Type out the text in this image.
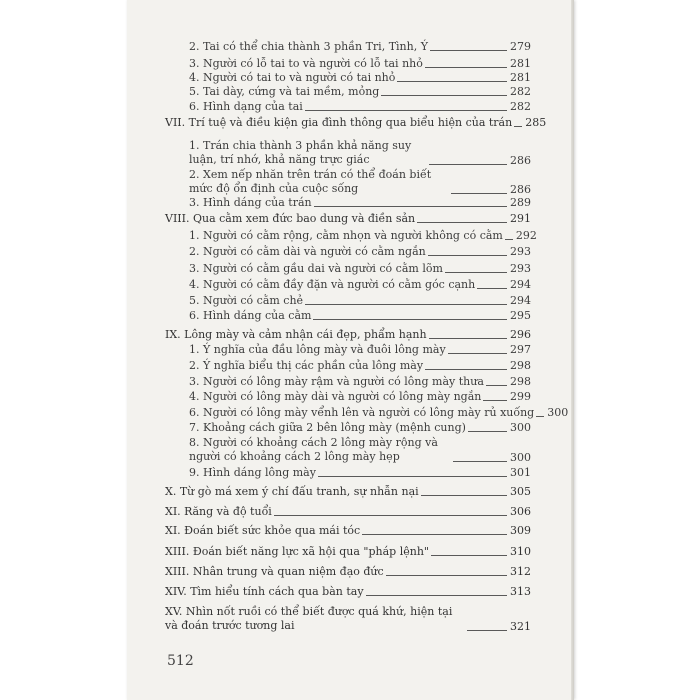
2. Tai có thể chia thành 3 phần Tri, Tình, Ý	279
3. Người có lỗ tai to và người có lỗ tai nhỏ	281
4. Người có tai to và người có tai nhỏ	281
5. Tai dày, cứng và tai mềm, mỏng	282
6. Hình dạng của tai	282
VII. Trí tuệ và điều kiện gia đình thông qua biểu hiện của trán 285
1. Trán chia thành 3 phần khả năng suy luận, trí nhớ, khả năng trực giác	286
2. Xem nếp nhăn trên trán có thể đoán biết mức độ ổn định của cuộc sống	286
3. Hình dáng của trán	289
VIII. Qua cằm xem đức bao dung và điền sản	291
1. Người có cằm rộng, cằm nhọn và người không có cằm 292
2. Người có cằm dài và người có cằm ngắn	293
3. Người có cằm gầu dai và người có cằm lõm	293
4. Người có cằm đầy đặn và người có cằm góc cạnh	294
5. Người có cằm chẻ	294
6. Hình dáng của cằm	295
IX. Lông mày và cảm nhận cái đẹp, phẩm hạnh	296
1. Ý nghĩa của đầu lông mày và đuôi lông mày	297
2. Ý nghĩa biểu thị các phần của lông mày	298
3. Người có lông mày rậm và người có lông mày thưa 298
4. Người có lông mày dài và người có lông mày ngắn	299
6. Người có lông mày vểnh lên và người có lông mày rủ xuống 300
7. Khoảng cách giữa 2 bên lông mày (mệnh cung)	300
8. Người có khoảng cách 2 lông mày rộng và người có khoảng cách 2 lông mày hẹp	300
9. Hình dáng lông mày	301
X. Từ gò má xem ý chí đấu tranh, sự nhẫn nại	305
XI. Răng và độ tuổi	306
XI. Đoán biết sức khỏe qua mái tóc	309
XIII. Đoán biết năng lực xã hội qua "pháp lệnh"	310
XIII. Nhân trung và quan niệm đạo đức	312
XIV. Tìm hiểu tính cách qua bàn tay	313
XV. Nhìn nốt ruồi có thể biết được quá khứ, hiện tại và đoán trước tương lai	321
512
